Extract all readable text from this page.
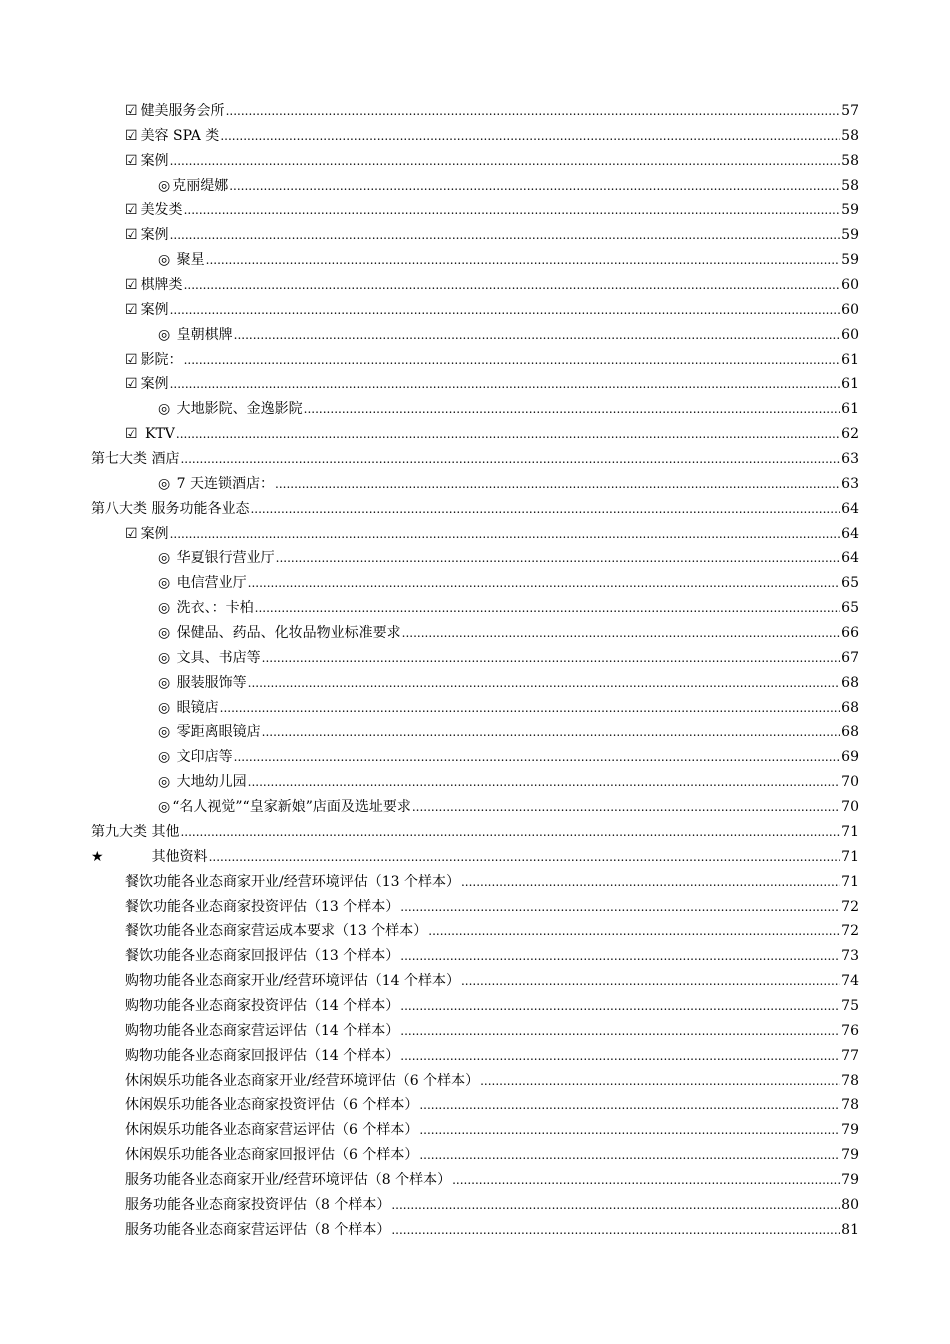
☑ 健美服务会所 .....	57
☑ 美容 SPA 类 .....	58
☑ 案例 .....	58
◎ 克丽缇娜 .....	58
☑ 美发类 .....	59
☑ 案例 .....	59
◎ 聚星 .....	59
☑ 棋牌类 .....	60
☑ 案例 .....	60
◎ 皇朝棋牌 .....	60
☑ 影院： .....	61
☑ 案例 .....	61
◎ 大地影院、金逸影院 .....	61
☑ KTV .....	62
第七大类 酒店 .....	63
◎ 7 天连锁酒店： .....	63
第八大类 服务功能各业态 .....	64
☑ 案例 .....	64
◎ 华夏银行营业厅 .....	64
◎ 电信营业厅 .....	65
◎ 洗衣、：卡柏 .....	65
◎ 保健品、药品、化妆品物业标准要求 .....	66
◎ 文具、书店等 .....	67
◎ 服装服饰等 .....	68
◎ 眼镜店 .....	68
◎ 零距离眼镜店 .....	68
◎ 文印店等 .....	69
◎ 大地幼儿园 .....	70
◎ “名人视觉”“皇家新娘”店面及选址要求 .....	70
第九大类 其他 .....	71
★	其他资料 .....	71
餐饮功能各业态商家开业/经营环境评估（13 个样本） .....	71
餐饮功能各业态商家投资评估（13 个样本） .....	72
餐饮功能各业态商家营运成本要求（13 个样本） .....	72
餐饮功能各业态商家回报评估（13 个样本） .....	73
购物功能各业态商家开业/经营环境评估（14 个样本） .....	74
购物功能各业态商家投资评估（14 个样本） .....	75
购物功能各业态商家营运评估（14 个样本） .....	76
购物功能各业态商家回报评估（14 个样本） .....	77
休闲娱乐功能各业态商家开业/经营环境评估（6 个样本） .....	78
休闲娱乐功能各业态商家投资评估（6 个样本） .....	78
休闲娱乐功能各业态商家营运评估（6 个样本） .....	79
休闲娱乐功能各业态商家回报评估（6 个样本） .....	79
服务功能各业态商家开业/经营环境评估（8 个样本） .....	79
服务功能各业态商家投资评估（8 个样本） .....	80
服务功能各业态商家营运评估（8 个样本） .....	81
